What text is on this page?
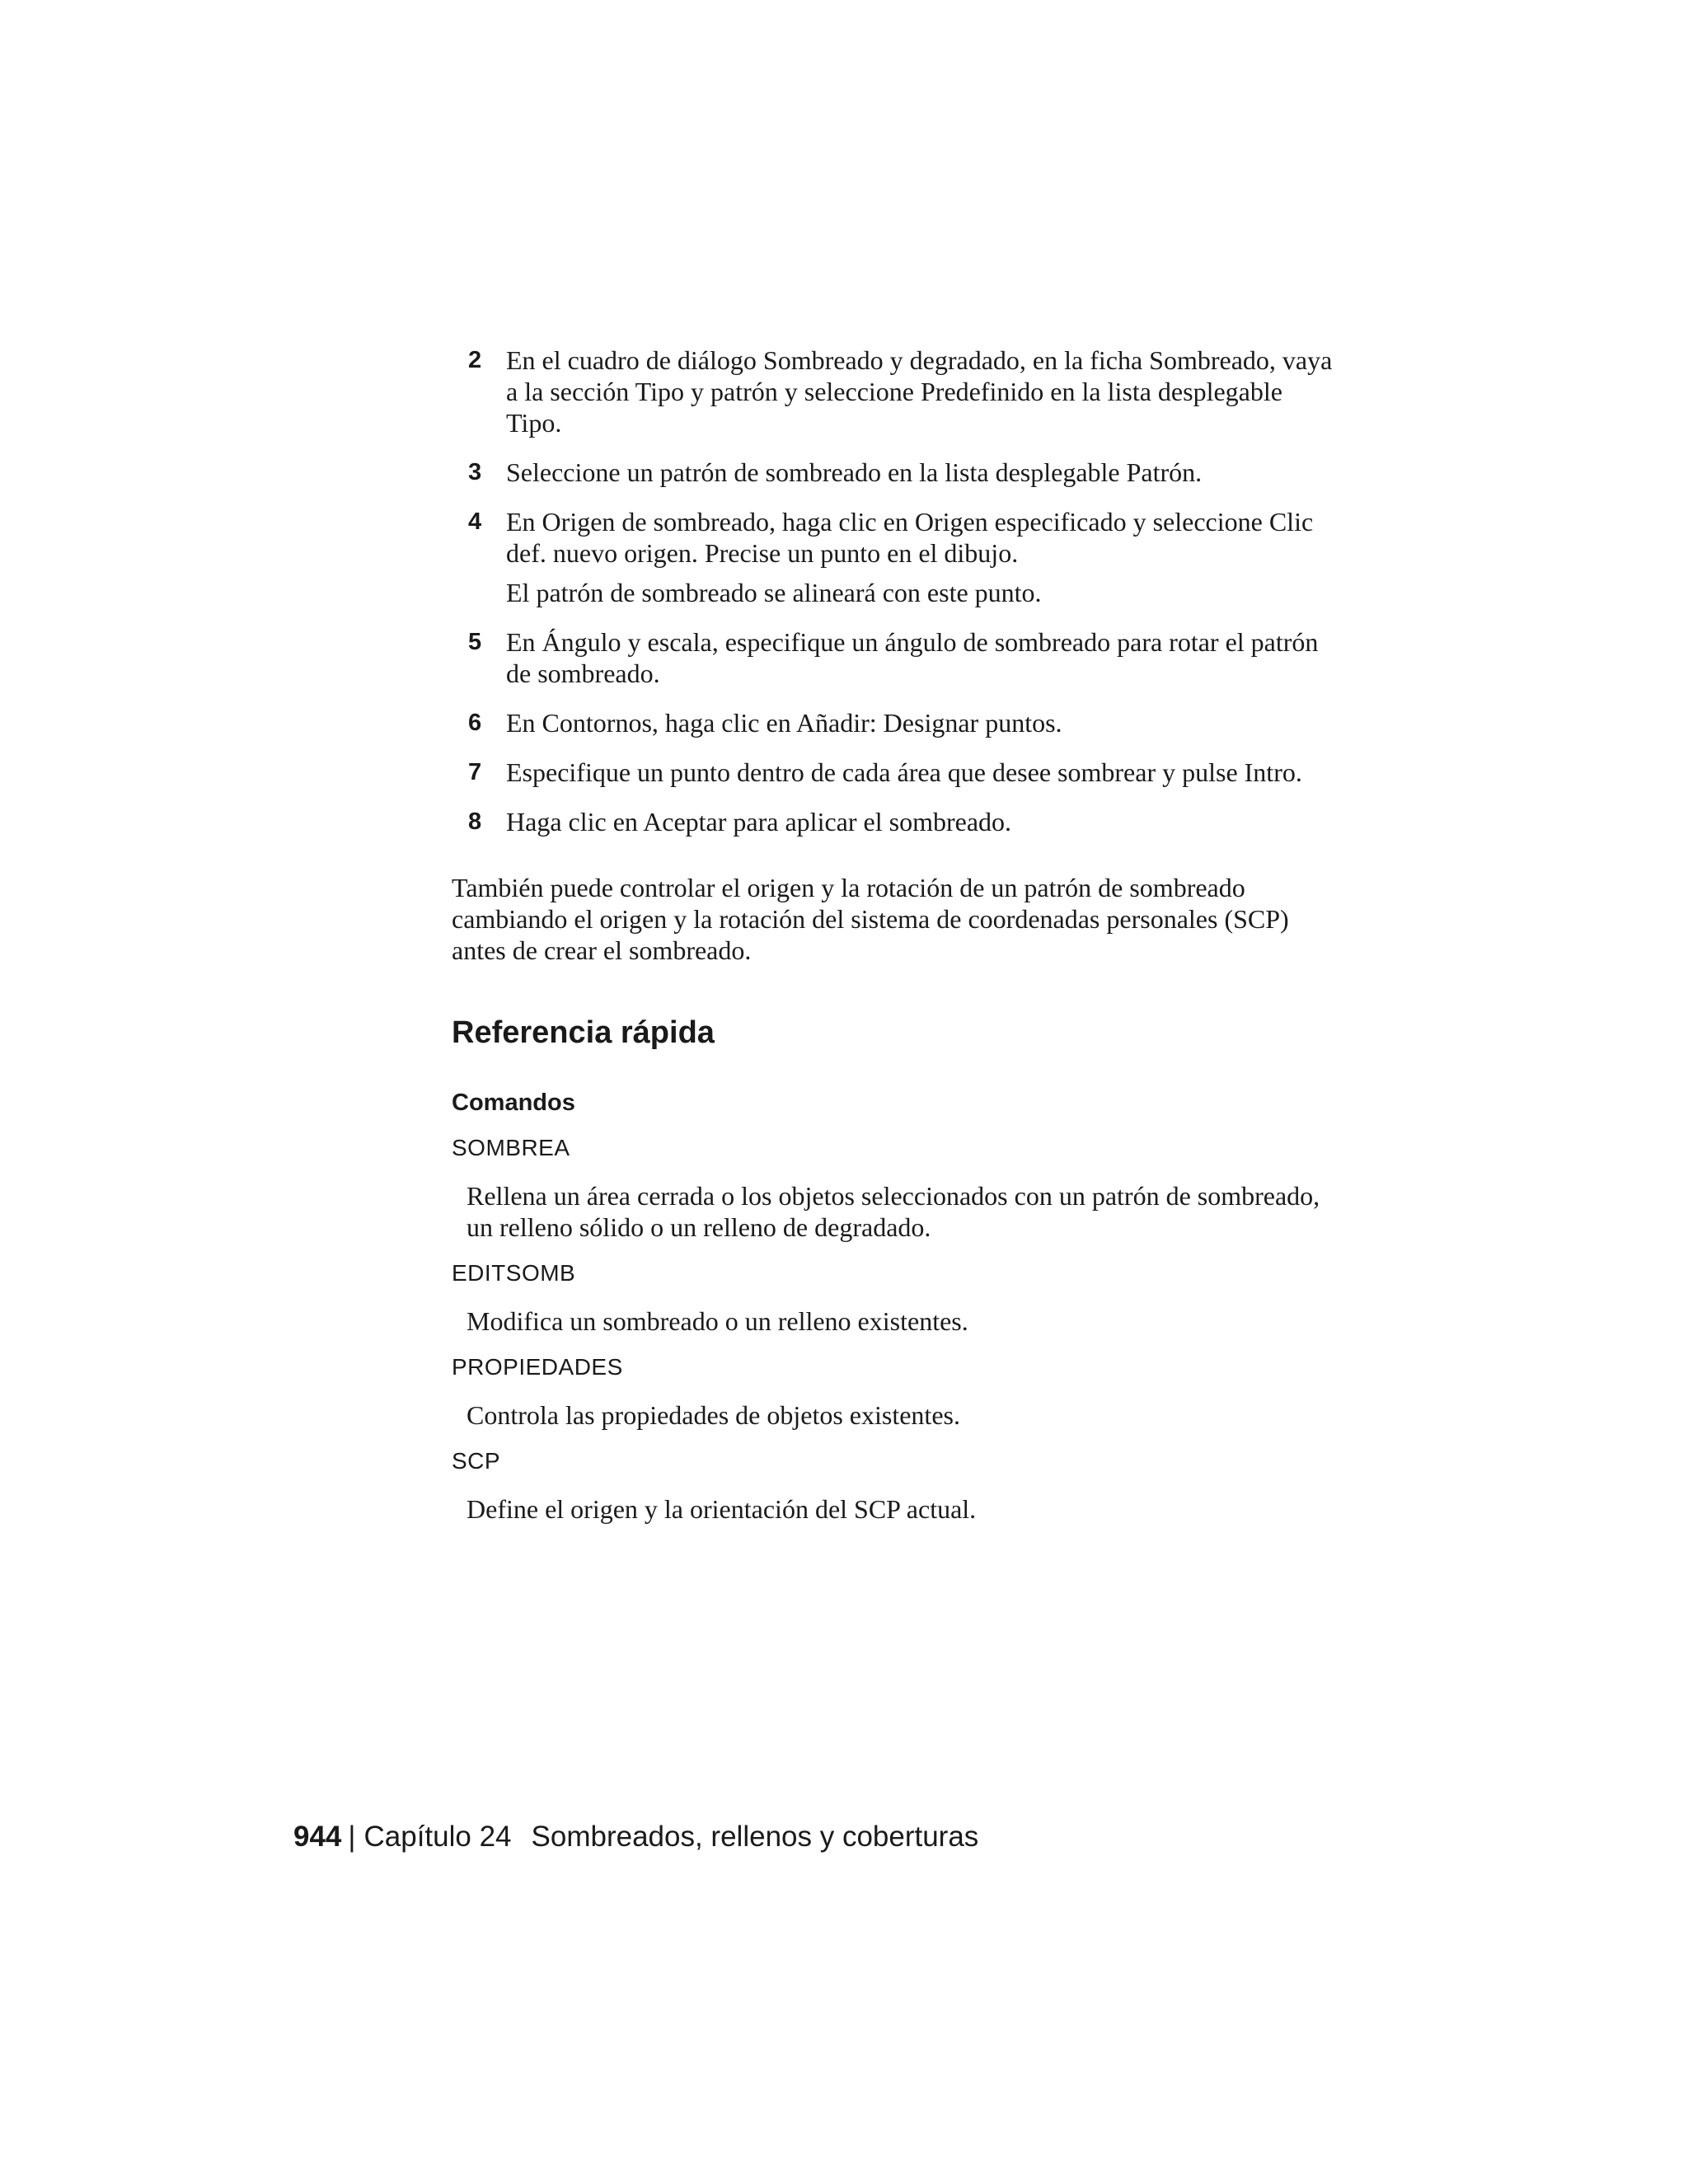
2 En el cuadro de diálogo Sombreado y degradado, en la ficha Sombreado, vaya a la sección Tipo y patrón y seleccione Predefinido en la lista desplegable Tipo.

3 Seleccione un patrón de sombreado en la lista desplegable Patrón.

4 En Origen de sombreado, haga clic en Origen especificado y seleccione Clic def. nuevo origen. Precise un punto en el dibujo.

El patrón de sombreado se alineará con este punto.

5 En Ángulo y escala, especifique un ángulo de sombreado para rotar el patrón de sombreado.

6 En Contornos, haga clic en Añadir: Designar puntos.

7 Especifique un punto dentro de cada área que desee sombrear y pulse Intro.

8 Haga clic en Aceptar para aplicar el sombreado.

También puede controlar el origen y la rotación de un patrón de sombreado cambiando el origen y la rotación del sistema de coordenadas personales (SCP) antes de crear el sombreado.

Referencia rápida
Comandos
SOMBREA

Rellena un área cerrada o los objetos seleccionados con un patrón de sombreado, un relleno sólido o un relleno de degradado.

EDITSOMB

Modifica un sombreado o un relleno existentes.

PROPIEDADES

Controla las propiedades de objetos existentes.

SCP

Define el origen y la orientación del SCP actual.

944 | Capítulo 24 Sombreados, rellenos y coberturas
